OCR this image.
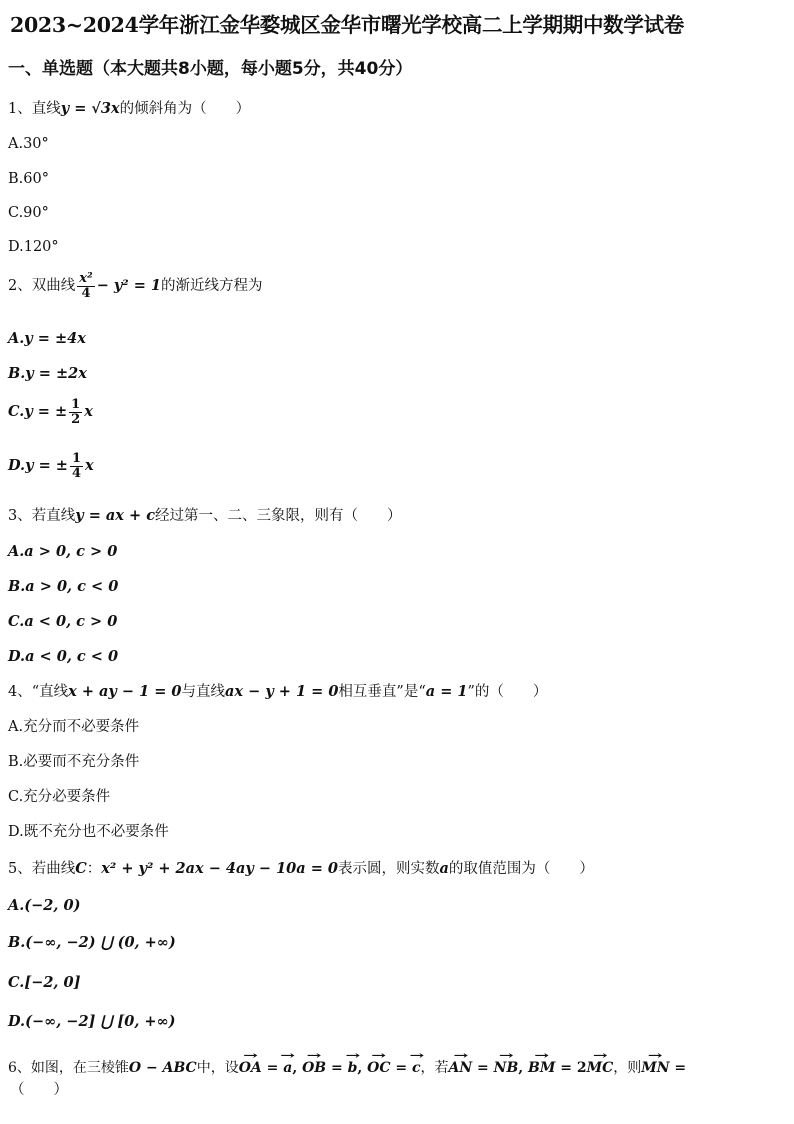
2023~2024学年浙江金华婺城区金华市曙光学校高二上学期期中数学试卷
一、单选题（本大题共8小题，每小题5分，共40分）
1、直线y = √3x的倾斜角为（　　）
A.30°
B.60°
C.90°
D.120°
2、双曲线 $\frac{\text{x²}}{4} - y^2 = 1$的渐近线方程为
A.y = ±4x
B.y = ±2x
C.y = ± $\frac{1}{2}$ x
D.y = ± $\frac{1}{4}$ x
3、若直线y = ax + c经过第一、二、三象限，则有（　　）
A.a > 0, c > 0
B.a > 0, c < 0
C.a < 0, c > 0
D.a < 0, c < 0
4、“直线x + ay − 1 = 0与直线ax − y + 1 = 0相互垂直”是“a = 1”的（　　）
A.充分而不必要条件
B.必要而不充分条件
C.充分必要条件
D.既不充分也不必要条件
5、若曲线C：x² + y² + 2ax − 4ay − 10a = 0表示圆，则实数a的取值范围为（　　）
A.(−2, 0)
B.(−∞, −2) ⋃ (0, +∞)
C.[−2, 0]
D.(−∞, −2] ⋃ [0, +∞)
6、如图，在三棱锥O − ABC中，设→ OA = → a, → OB = → b, → OC = → c，若→ AN = → NB, → BM = 2→ MC，则→ MN =
（　　）
